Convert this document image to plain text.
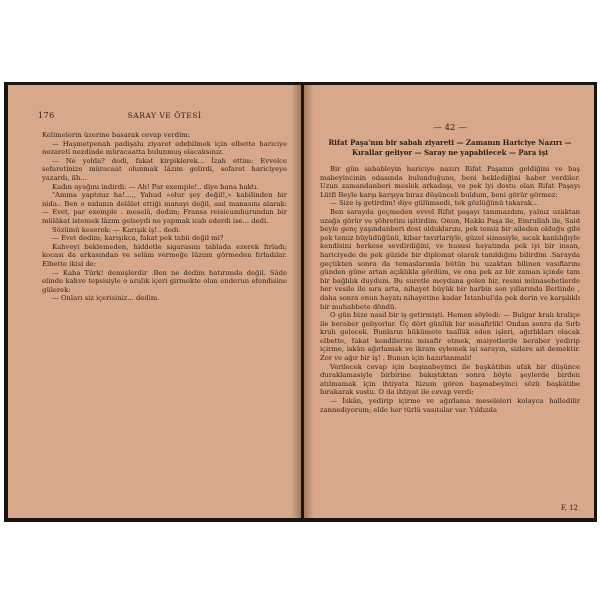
176	SARAY VE ÖTESİ

Kelimelerin üzerine basarak cevap verdim:

— Haşmetpenah padişahı ziyaret edebilmek için elbette hariciye nezareti nezdinde müracaatta bulunmuş olacaksınız.

— Ne yolda? dedi, fakat kirpiklerek... İzah ettim: Evvelce sefaretinize müracaat olunmak lâzım gelirdi, sefaret hariciyeye yazardı, ilh...

Kadın ayağını indirdi: — Ah! Par exemple!.. diye bana baktı.

"Amma yaptınız ha!...., Yahud «olur şey değil!,» kabilinden bir nida.. Ben o nidanın delâlet ettiği manayı değil, asıl manasını alarak: — Evet, par exemple . meselâ, dedim; Fransa reisicumhurundan bir mülâkat istemek lâzım gelseydi ne yapmak icab ederdi ise... dedi.

Sözümü keserek: — Karışık iş!.. dedi.

— Evet dedim; karışıkca, fakat pek tabii değil mi?

Kahveyi beklemeden, hiddetle sigarasını tablada ezerek fırladı; kocası da arkasından ve selâm vermeğe lüzum görmeden fırladılar. Elbette ikisi de:

— Kaba Türk! demişlerdir .Ben ne dedim hatırımda değil. Sâde elinde kahve tepsisiyle o aralık içeri girmekte olan enderun efendisine gülerek:

— Onları siz içerisiniz... dedim.

— 42 —
Rifat Paşa'nın bir sabah ziyareti — Zamanın Hariciye Nazırı — Kırallar geliyor — Saray ne yapabilecek — Para işi

Bir gün sabableyin hariciye nazırı Rifat Paşanın geldiğini ve baş mabeyincinin odasında bulunduğunu, beni beklediğini haber verdiler. Uzun zamandanberi meslek arkadaşı, ve pek iyi dostu olan Rifat Paşayı Lütfi Beyle karşı karşıya biraz düşünceli buldum, beni görür görmez:

— Size iş getirdim! diye gülümsedi, tek gözlüğünü takarak...

Ben sarayda geçmeden evvel Rifat paşayı tanımazdım, yalnız uzaktan uzağa görür ve şöhretini işitirdim. Onun, Hakkı Paşa ile, Emrullah ile, Said beyle genç yaşındanberi dost olduklarını, pek temiz bir aileden olduğu gibi pek temiz büyüdüğünü, kibar tavırlariyle, güzel simasiyle, sıcak kanlılığıyle kendisini herkese sevdirdiğini, ve hususi hayatında pek iyi bir insan, hariciyede de pek güzide bir diplomat olarak tanıldığını bilirdim .Sarayda geçtikten sonra da temaslarımla bütün bu uzaktan bilinen vasıflarını günden güne artan açıklıkla gördüm, ve ona pek az bir zaman içinde tam bir bağlılık duydum. Bu suretle meydana gelen bir, resmi münasebetlerde her vesile ile sıra arta, nihayet büyük bir harbin son yıllarında Berlinde , daha sonra onun hayatı nihayetine kadar İstanbul'da pek derin ve karşılıklı bir muhabbete döndü.

O gün bize nasıl bir iş getirmişti. Hemen söyledi: — Bulgar kralı kraliçe ile beraber geliyorlar. Üç dört günlük bir misafirlik! Ondan sonra da Sırb kralı gelecek. Bunların hükümete taallûk eden işleri, ağırlıkları olacak elbette, fakat kendilerini misafir etmek, maiyetlerile beraber yedirip içirme, iskân ağırlamak ve ikram eylemek işi sarayın, sizlere ait demektir. Zor ve ağır bir iş! . Bunun için hazırlanmalı!

Verilecek cevap için başmabeyinci ile başkâtibin ufak bir düşünce duraklamasiyle birbirine bakıştıktan sonra böyle şeylerde birden atılmamak için ihtiyata lüzum gören başmabeyinci sözü başkâtibe bırakarak sustu. O da ihtiyat ile cevap verdi:

— İskân, yedirip içirme ve ağırlama meseleleri kolayca halledilir zannediyorum; elde her türlü vasıtalar var. Yıldızda

F, 12
